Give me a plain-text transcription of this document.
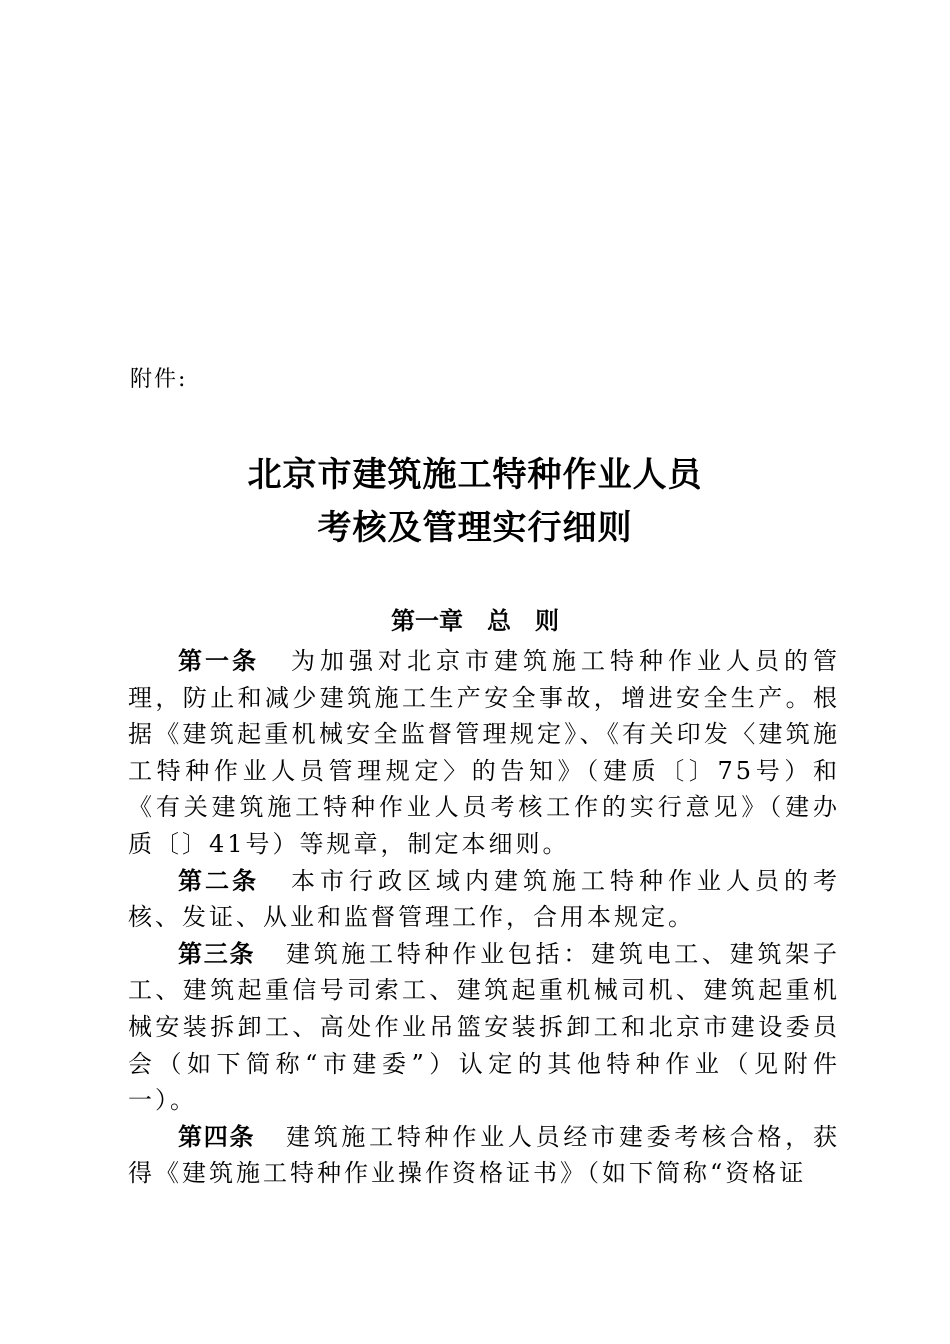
附件:
北京市建筑施工特种作业人员
考核及管理实行细则
第一章　总　则

第一条 为加强对北京市建筑施工特种作业人员的管理，防止和减少建筑施工生产安全事故，增进安全生产。根据《建筑起重机械安全监督管理规定》、《有关印发〈建筑施工特种作业人员管理规定〉的告知》（建质〔〕75号）和《有关建筑施工特种作业人员考核工作的实行意见》（建办质〔〕41号）等规章，制定本细则。

第二条 本市行政区域内建筑施工特种作业人员的考核、发证、从业和监督管理工作，合用本规定。

第三条 建筑施工特种作业包括：建筑电工、建筑架子工、建筑起重信号司索工、建筑起重机械司机、建筑起重机械安装拆卸工、高处作业吊篮安装拆卸工和北京市建设委员会（如下简称“市建委”）认定的其他特种作业（见附件一）。

第四条 建筑施工特种作业人员经市建委考核合格，获得《建筑施工特种作业操作资格证书》（如下简称“资格证
